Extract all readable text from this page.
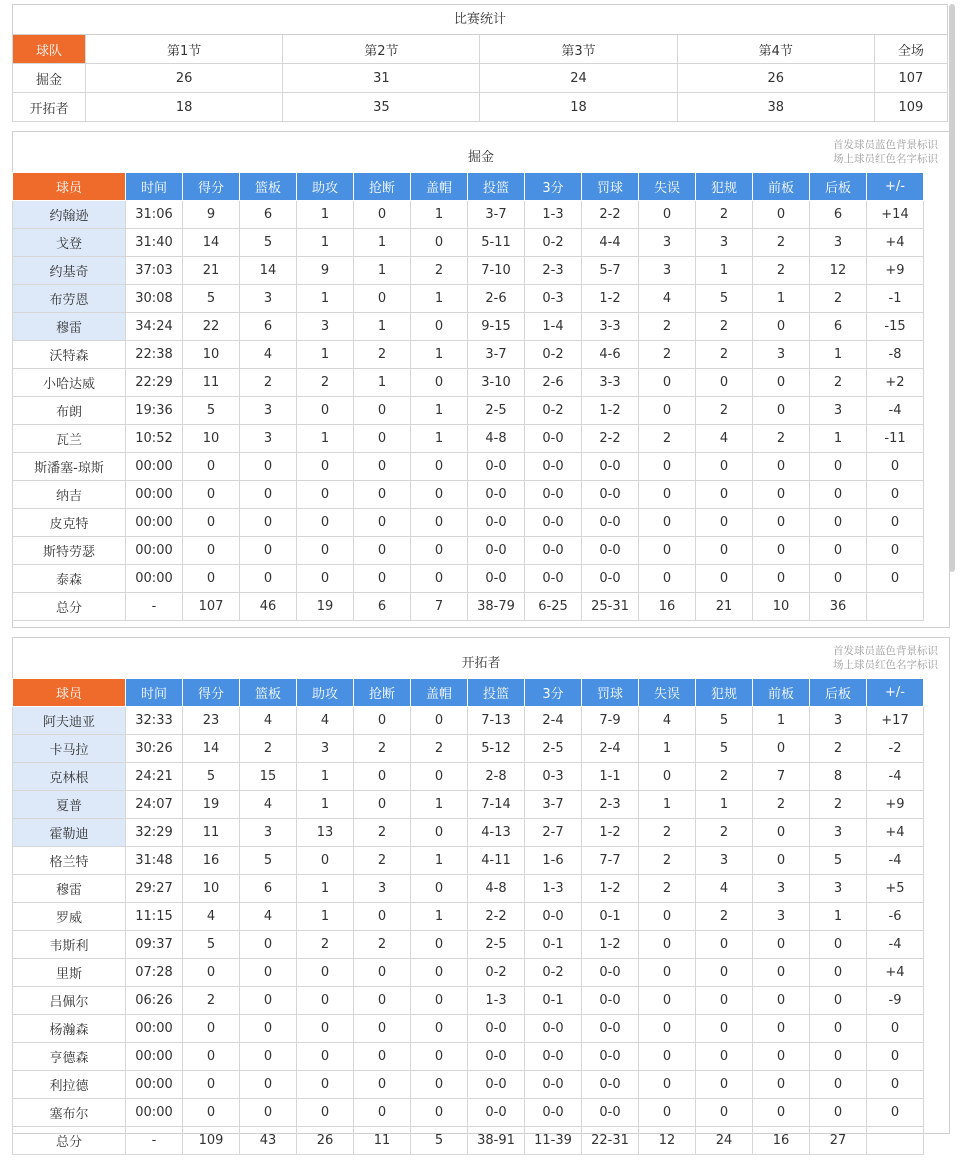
比赛统计					
球队	第1节	第2节	第3节	第4节	全场
掘金	26	31	24	26	107
开拓者	18	35	18	38	109
掘金
首发球员蓝色背景标识
场上球员红色名字标识
球员	时间	得分	篮板	助攻	抢断	盖帽	投篮	3分	罚球	失误	犯规	前板	后板	+/-
约翰逊	31:06	9	6	1	0	1	3-7	1-3	2-2	0	2	0	6	+14
戈登	31:40	14	5	1	1	0	5-11	0-2	4-4	3	3	2	3	+4
约基奇	37:03	21	14	9	1	2	7-10	2-3	5-7	3	1	2	12	+9
布劳恩	30:08	5	3	1	0	1	2-6	0-3	1-2	4	5	1	2	-1
穆雷	34:24	22	6	3	1	0	9-15	1-4	3-3	2	2	0	6	-15
沃特森	22:38	10	4	1	2	1	3-7	0-2	4-6	2	2	3	1	-8
小哈达威	22:29	11	2	2	1	0	3-10	2-6	3-3	0	0	0	2	+2
布朗	19:36	5	3	0	0	1	2-5	0-2	1-2	0	2	0	3	-4
瓦兰	10:52	10	3	1	0	1	4-8	0-0	2-2	2	4	2	1	-11
斯潘塞-琼斯	00:00	0	0	0	0	0	0-0	0-0	0-0	0	0	0	0	0
纳吉	00:00	0	0	0	0	0	0-0	0-0	0-0	0	0	0	0	0
皮克特	00:00	0	0	0	0	0	0-0	0-0	0-0	0	0	0	0	0
斯特劳瑟	00:00	0	0	0	0	0	0-0	0-0	0-0	0	0	0	0	0
泰森	00:00	0	0	0	0	0	0-0	0-0	0-0	0	0	0	0	0
总分	-	107	46	19	6	7	38-79	6-25	25-31	16	21	10	36	
开拓者
首发球员蓝色背景标识
场上球员红色名字标识
球员	时间	得分	篮板	助攻	抢断	盖帽	投篮	3分	罚球	失误	犯规	前板	后板	+/-
阿夫迪亚	32:33	23	4	4	0	0	7-13	2-4	7-9	4	5	1	3	+17
卡马拉	30:26	14	2	3	2	2	5-12	2-5	2-4	1	5	0	2	-2
克林根	24:21	5	15	1	0	0	2-8	0-3	1-1	0	2	7	8	-4
夏普	24:07	19	4	1	0	1	7-14	3-7	2-3	1	1	2	2	+9
霍勒迪	32:29	11	3	13	2	0	4-13	2-7	1-2	2	2	0	3	+4
格兰特	31:48	16	5	0	2	1	4-11	1-6	7-7	2	3	0	5	-4
穆雷	29:27	10	6	1	3	0	4-8	1-3	1-2	2	4	3	3	+5
罗威	11:15	4	4	1	0	1	2-2	0-0	0-1	0	2	3	1	-6
韦斯利	09:37	5	0	2	2	0	2-5	0-1	1-2	0	0	0	0	-4
里斯	07:28	0	0	0	0	0	0-2	0-2	0-0	0	0	0	0	+4
吕佩尔	06:26	2	0	0	0	0	1-3	0-1	0-0	0	0	0	0	-9
杨瀚森	00:00	0	0	0	0	0	0-0	0-0	0-0	0	0	0	0	0
亨德森	00:00	0	0	0	0	0	0-0	0-0	0-0	0	0	0	0	0
利拉德	00:00	0	0	0	0	0	0-0	0-0	0-0	0	0	0	0	0
塞布尔	00:00	0	0	0	0	0	0-0	0-0	0-0	0	0	0	0	0
总分	-	109	43	26	11	5	38-91	11-39	22-31	12	24	16	27	
